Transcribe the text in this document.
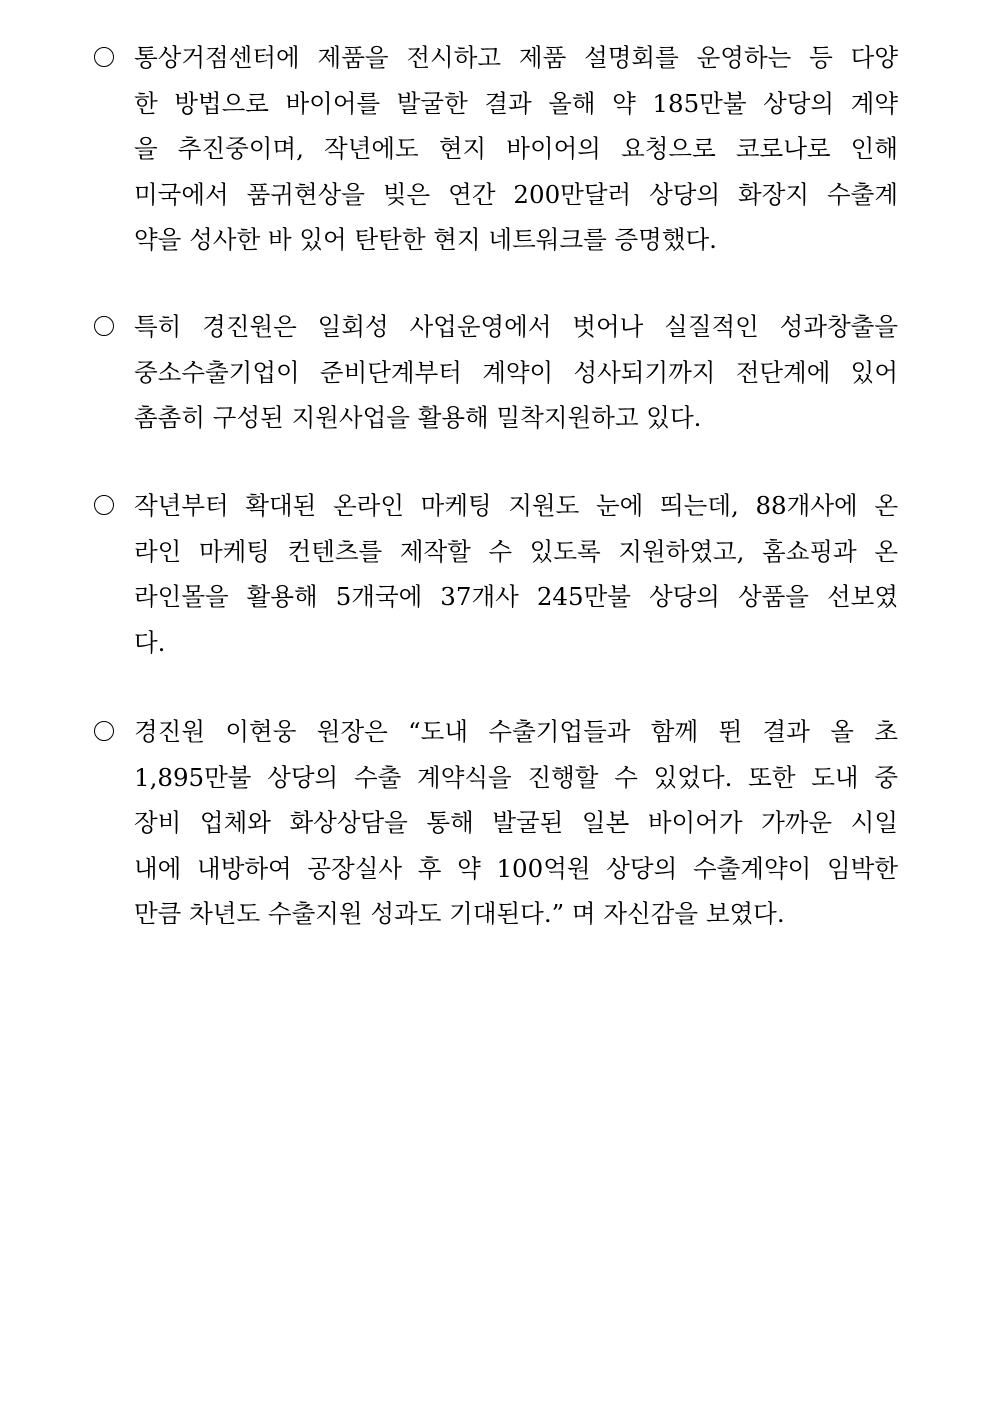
통상거점센터에 제품을 전시하고 제품 설명회를 운영하는 등 다양
한 방법으로 바이어를 발굴한 결과 올해 약 185만불 상당의 계약
을 추진중이며, 작년에도 현지 바이어의 요청으로 코로나로 인해
미국에서 품귀현상을 빚은 연간 200만달러 상당의 화장지 수출계
약을 성사한 바 있어 탄탄한 현지 네트워크를 증명했다.
특히 경진원은 일회성 사업운영에서 벗어나 실질적인 성과창출을
중소수출기업이 준비단계부터 계약이 성사되기까지 전단계에 있어
촘촘히 구성된 지원사업을 활용해 밀착지원하고 있다.
작년부터 확대된 온라인 마케팅 지원도 눈에 띄는데, 88개사에 온
라인 마케팅 컨텐츠를 제작할 수 있도록 지원하였고, 홈쇼핑과 온
라인몰을 활용해 5개국에 37개사 245만불 상당의 상품을 선보였
다.
경진원 이현웅 원장은 “도내 수출기업들과 함께 뛴 결과 올 초
1,895만불 상당의 수출 계약식을 진행할 수 있었다. 또한 도내 중
장비 업체와 화상상담을 통해 발굴된 일본 바이어가 가까운 시일
내에 내방하여 공장실사 후 약 100억원 상당의 수출계약이 임박한
만큼 차년도 수출지원 성과도 기대된다.” 며 자신감을 보였다.
